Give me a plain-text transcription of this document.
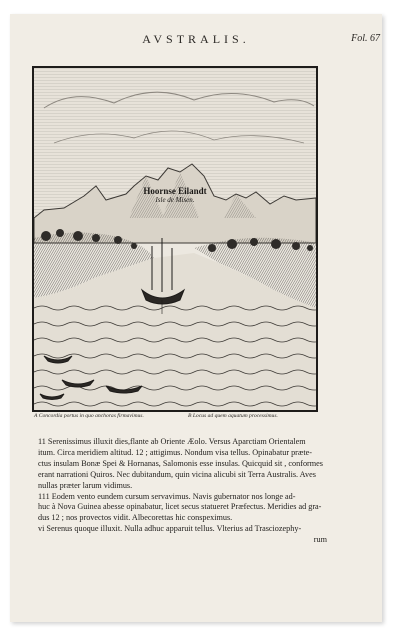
AVSTRALIS.	Fol. 67
Hoornse Eilandt
Isle de Misen.
A Concordia portus in quo anchoras firmavimus.	B Locus ad quem aquatum processimus.
11 Serenissimus illuxit dies,flante ab Oriente Æolo. Versus Aparctiam Orientalem
itum. Circa meridiem altitud. 12 ; attigimus. Nondum visa tellus. Opinabatur præte-
ctus insulam Bonæ Spei & Hornanas, Salomonis esse insulas. Quicquid sit , conformes
erant narrationi Quiros. Nec dubitandum, quin vicina alicubi sit Terra Australis. Aves
nullas præter larum vidimus.
111 Eodem vento eundem cursum servavimus. Navis gubernator nos longe ad-
huc à Nova Guinea abesse opinabatur, licet secus statueret Præfectus. Meridies ad gra-
dus 12 ; nos provectos vidit. Albecorettas hic conspeximus.
vi Serenus quoque illuxit. Nulla adhuc apparuit tellus. Vlterius ad Trasciozephy-
rum
